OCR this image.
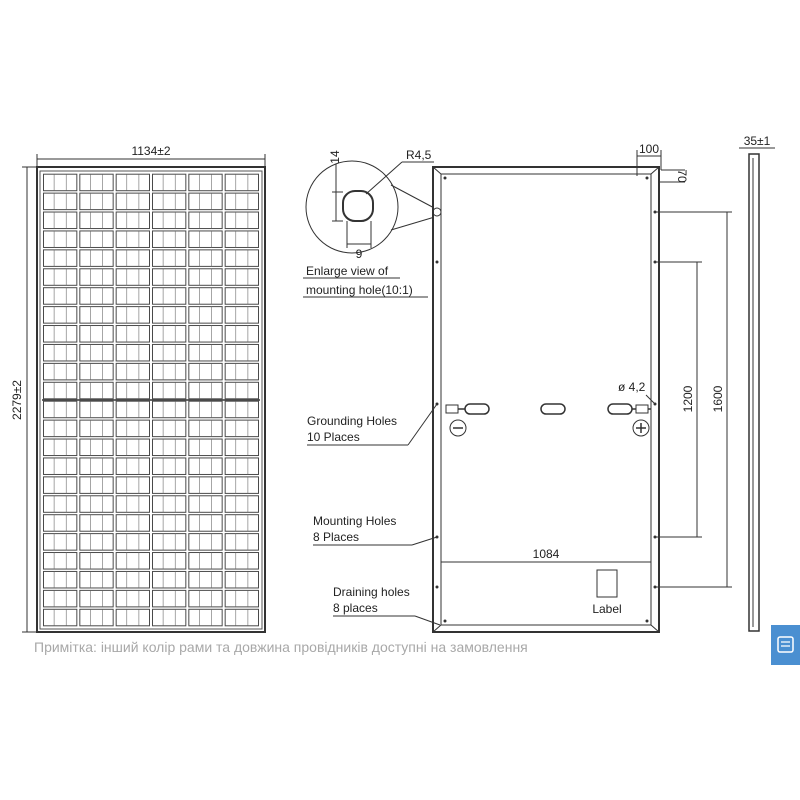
1134±2
2279±2
14
9
R4,5
Enlarge view of
mounting hole(10:1)
ø 4,2
100
70
1600
1200
1084
Label
Grounding Holes
10 Places
Mounting Holes
8 Places
Draining holes
8 places
35±1
Примітка: інший колір рами та довжина провідників доступні на замовлення
